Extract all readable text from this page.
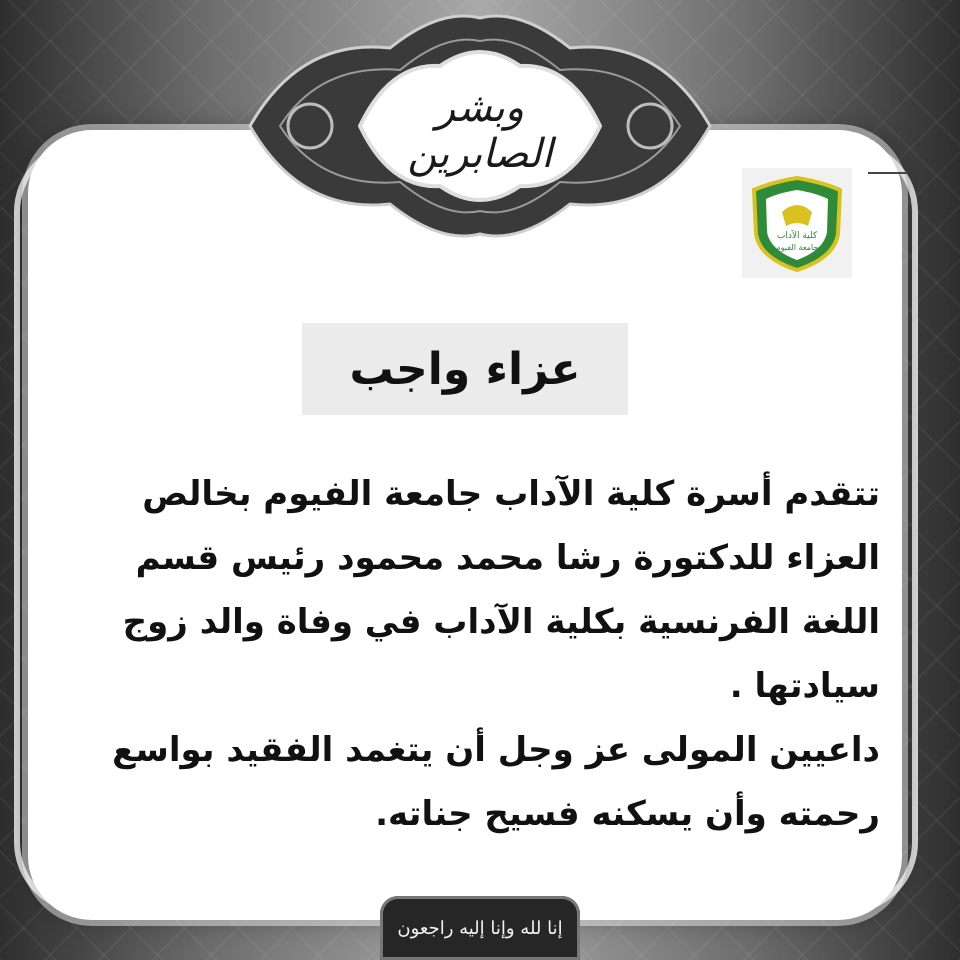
وبشر الصابرين
كلية الآداب
جامعة الفيوم
عزاء واجب
تتقدم أسرة كلية الآداب جامعة الفيوم بخالص
العزاء للدكتورة رشا محمد محمود رئيس قسم
اللغة الفرنسية بكلية الآداب في وفاة والد زوج
سيادتها .
داعيين المولى عز وجل أن يتغمد الفقيد بواسع
رحمته وأن يسكنه فسيح جناته.
إنا لله وإنا إليه راجعون
